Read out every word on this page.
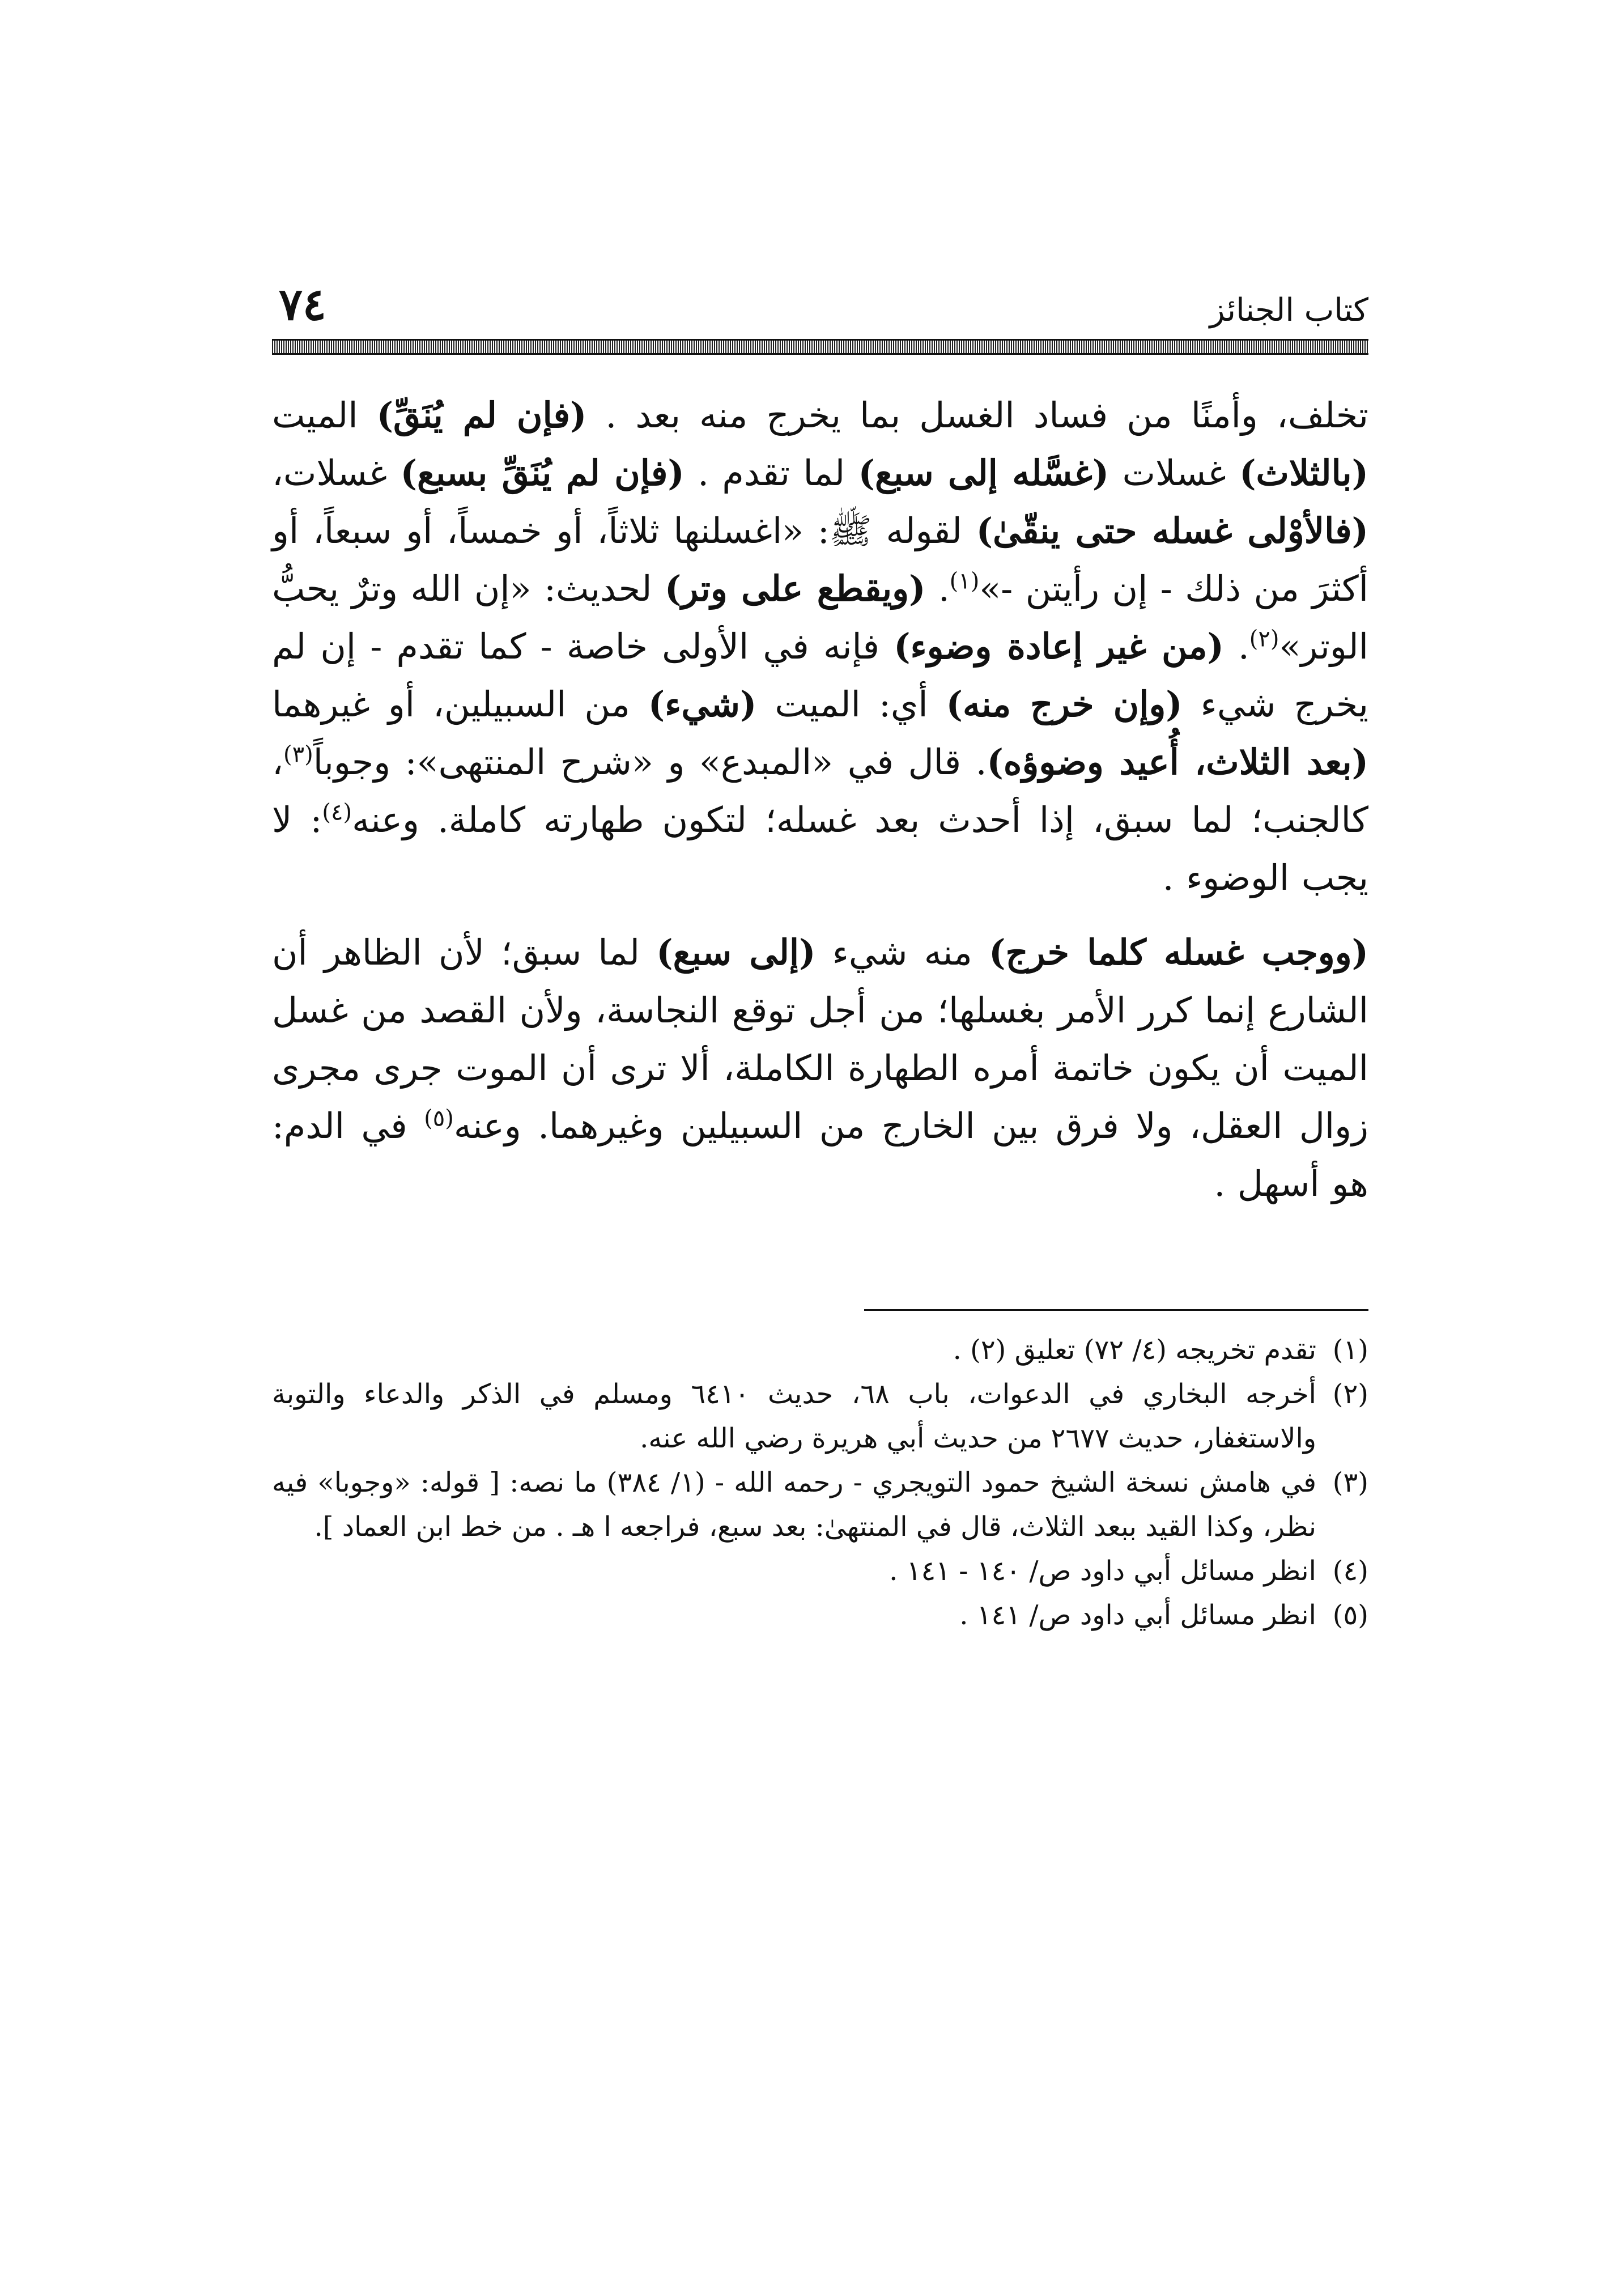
كتاب الجنائز
٧٤

تخلف، وأمنًا من فساد الغسل بما يخرج منه بعد . (فإن لم يُنَقِّ) الميت (بالثلاث) غسلات (غسَّله إلى سبع) لما تقدم . (فإن لم يُنَقِّ بسبع) غسلات، (فالأوْلى غسله حتى ينقّىٰ) لقوله ﷺ: «اغسلنها ثلاثاً، أو خمساً، أو سبعاً، أو أكثرَ من ذلك - إن رأيتن -»$^{(١)}$. (ويقطع على وتر) لحديث: «إن الله وترٌ يحبُّ الوتر»$^{(٢)}$. (من غير إعادة وضوء) فإنه في الأولى خاصة - كما تقدم - إن لم يخرج شيء (وإن خرج منه) أي: الميت (شيء) من السبيلين، أو غيرهما (بعد الثلاث، أُعيد وضوؤه). قال في «المبدع» و «شرح المنتهى»: وجوباً$^{(٣)}$، كالجنب؛ لما سبق، إذا أحدث بعد غسله؛ لتكون طهارته كاملة. وعنه$^{(٤)}$: لا يجب الوضوء .

(ووجب غسله كلما خرج) منه شيء (إلى سبع) لما سبق؛ لأن الظاهر أن الشارع إنما كرر الأمر بغسلها؛ من أجل توقع النجاسة، ولأن القصد من غسل الميت أن يكون خاتمة أمره الطهارة الكاملة، ألا ترى أن الموت جرى مجرى زوال العقل، ولا فرق بين الخارج من السبيلين وغيرهما. وعنه$^{(٥)}$ في الدم: هو أسهل .

(١)
تقدم تخريجه (٤/ ٧٢) تعليق (٢) .
(٢)
أخرجه البخاري في الدعوات، باب ٦٨، حديث ٦٤١٠ ومسلم في الذكر والدعاء والتوبة والاستغفار، حديث ٢٦٧٧ من حديث أبي هريرة رضي الله عنه.
(٣)
في هامش نسخة الشيخ حمود التويجري - رحمه الله - (١/ ٣٨٤) ما نصه: [ قوله: «وجوبا» فيه نظر، وكذا القيد ببعد الثلاث، قال في المنتهىٰ: بعد سبع، فراجعه ا هـ . من خط ابن العماد ].
(٤)
انظر مسائل أبي داود ص/ ١٤٠ - ١٤١ .
(٥)
انظر مسائل أبي داود ص/ ١٤١ .
